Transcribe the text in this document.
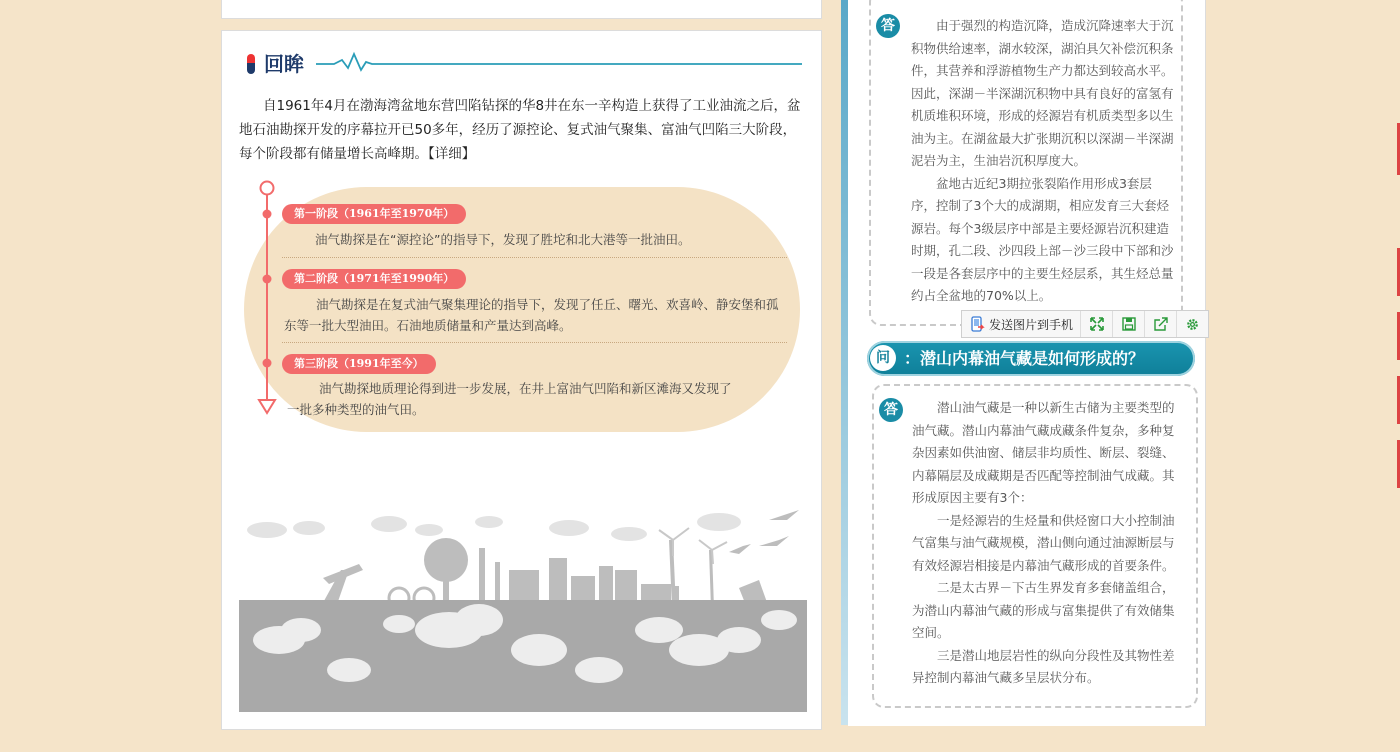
回眸
自1961年4月在渤海湾盆地东营凹陷钻探的华8井在东一辛构造上获得了工业油流之后，盆地石油勘探开发的序幕拉开已50多年，经历了源控论、复式油气聚集、富油气凹陷三大阶段，每个阶段都有储量增长高峰期。【详细】
第一阶段（1961年至1970年）
油气勘探是在“源控论”的指导下，发现了胜坨和北大港等一批油田。
第二阶段（1971年至1990年）
油气勘探是在复式油气聚集理论的指导下，发现了任丘、曙光、欢喜岭、静安堡和孤东等一批大型油田。石油地质储量和产量达到高峰。
第三阶段（1991年至今）
油气勘探地质理论得到进一步发展，在井上富油气凹陷和新区滩海又发现了一批多种类型的油气田。
答	由于强烈的构造沉降，造成沉降速率大于沉积物供给速率，湖水较深，湖泊具欠补偿沉积条件，其营养和浮游植物生产力都达到较高水平。因此，深湖－半深湖沉积物中具有良好的富氢有机质堆积环境，形成的烃源岩有机质类型多以生油为主。在湖盆最大扩张期沉积以深湖－半深湖泥岩为主，生油岩沉积厚度大。

盆地古近纪3期拉张裂陷作用形成3套层序，控制了3个大的成湖期，相应发育三大套烃源岩。每个3级层序中部是主要烃源岩沉积建造时期，孔二段、沙四段上部－沙三段中下部和沙一段是各套层序中的主要生烃层系，其生烃总量约占全盆地的70%以上。

问 ：潜山内幕油气藏是如何形成的？
答	潜山油气藏是一种以新生古储为主要类型的油气藏。潜山内幕油气藏成藏条件复杂，多种复杂因素如供油窗、储层非均质性、断层、裂缝、内幕隔层及成藏期是否匹配等控制油气成藏。其形成原因主要有3个：

一是烃源岩的生烃量和供烃窗口大小控制油气富集与油气藏规模，潜山侧向通过油源断层与有效烃源岩相接是内幕油气藏形成的首要条件。

二是太古界－下古生界发育多套储盖组合，为潜山内幕油气藏的形成与富集提供了有效储集空间。

三是潜山地层岩性的纵向分段性及其物性差异控制内幕油气藏多呈层状分布。

发送图片到手机
